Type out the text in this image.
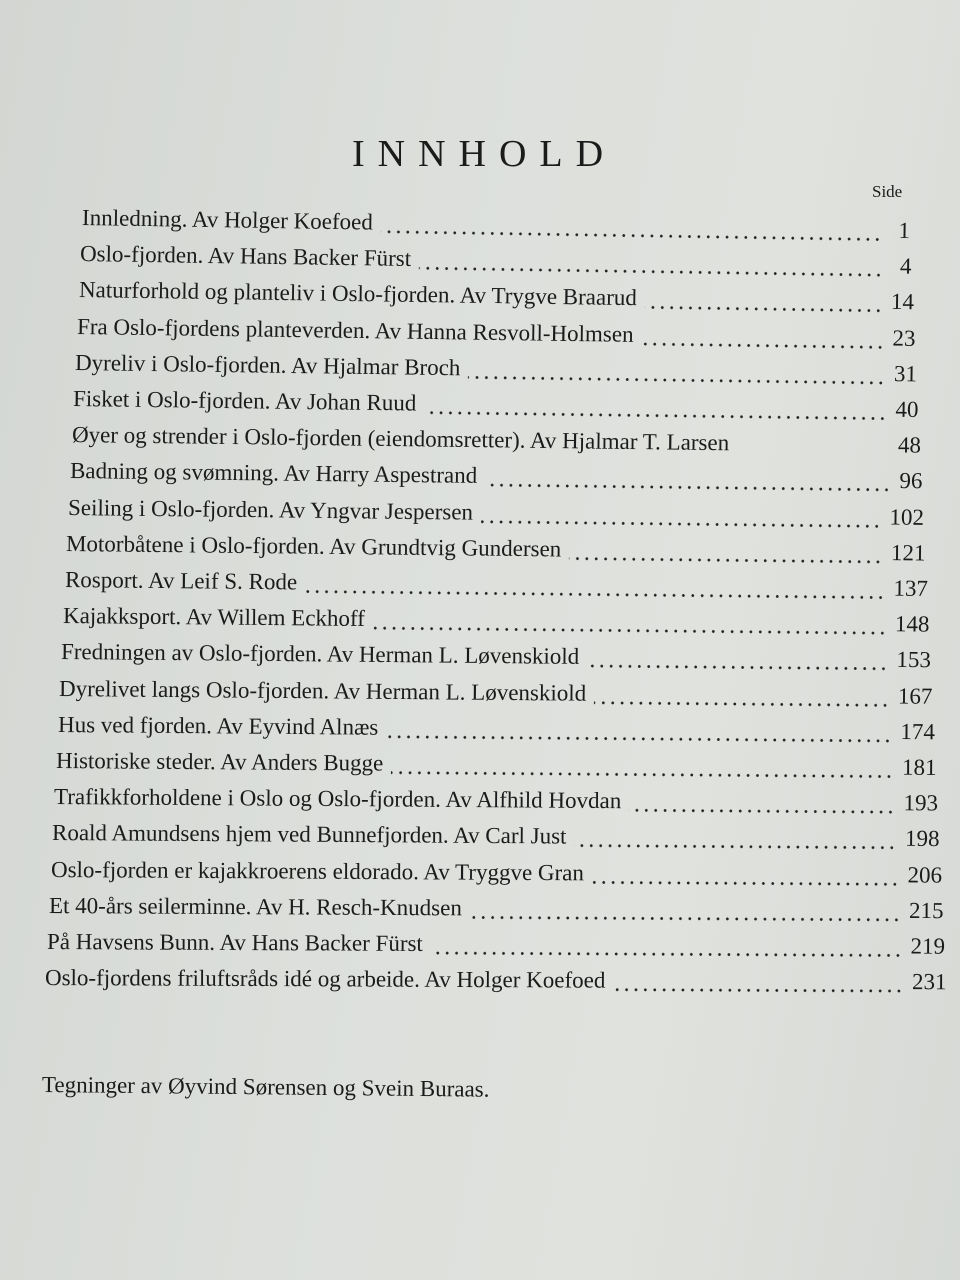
INNHOLD
Side
Innledning. Av Holger Koefoed	1
Oslo-fjorden. Av Hans Backer Fürst	4
Naturforhold og planteliv i Oslo-fjorden. Av Trygve Braarud	14
Fra Oslo-fjordens planteverden. Av Hanna Resvoll-Holmsen	23
Dyreliv i Oslo-fjorden. Av Hjalmar Broch	31
Fisket i Oslo-fjorden. Av Johan Ruud	40
Øyer og strender i Oslo-fjorden (eiendomsretter). Av Hjalmar T. Larsen	48
Badning og svømning. Av Harry Aspestrand	96
Seiling i Oslo-fjorden. Av Yngvar Jespersen	102
Motorbåtene i Oslo-fjorden. Av Grundtvig Gundersen	121
Rosport. Av Leif S. Rode	137
Kajakksport. Av Willem Eckhoff	148
Fredningen av Oslo-fjorden. Av Herman L. Løvenskiold	153
Dyrelivet langs Oslo-fjorden. Av Herman L. Løvenskiold	167
Hus ved fjorden. Av Eyvind Alnæs	174
Historiske steder. Av Anders Bugge	181
Trafikkforholdene i Oslo og Oslo-fjorden. Av Alfhild Hovdan	193
Roald Amundsens hjem ved Bunnefjorden. Av Carl Just	198
Oslo-fjorden er kajakkroerens eldorado. Av Tryggve Gran	206
Et 40-års seilerminne. Av H. Resch-Knudsen	215
På Havsens Bunn. Av Hans Backer Fürst	219
Oslo-fjordens friluftsråds idé og arbeide. Av Holger Koefoed	231
Tegninger av Øyvind Sørensen og Svein Buraas.
